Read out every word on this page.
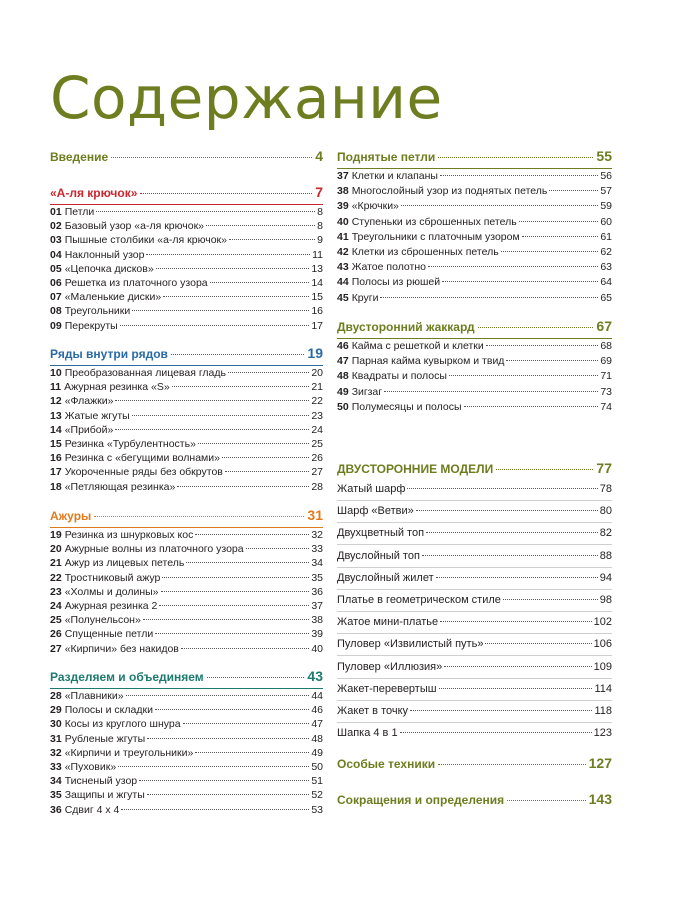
Содержание
Введение	4
«А-ля крючок»	7
01 Петли	8
02 Базовый узор «а-ля крючок»	8
03 Пышные столбики «а-ля крючок»	9
04 Наклонный узор	11
05 «Цепочка дисков»	13
06 Решетка из платочного узора	14
07 «Маленькие диски»	15
08 Треугольники	16
09 Перекруты	17
Ряды внутри рядов	19
10 Преобразованная лицевая гладь	20
11 Ажурная резинка «S»	21
12 «Флажки»	22
13 Жатые жгуты	23
14 «Прибой»	24
15 Резинка «Турбулентность»	25
16 Резинка с «бегущими волнами»	26
17 Укороченные ряды без обкрутов	27
18 «Петляющая резинка»	28
Ажуры	31
19 Резинка из шнурковых кос	32
20 Ажурные волны из платочного узора	33
21 Ажур из лицевых петель	34
22 Тростниковый ажур	35
23 «Холмы и долины»	36
24 Ажурная резинка 2	37
25 «Полунельсон»	38
26 Спущенные петли	39
27 «Кирпичи» без накидов	40
Разделяем и объединяем	43
28 «Плавники»	44
29 Полосы и складки	46
30 Косы из круглого шнура	47
31 Рубленые жгуты	48
32 «Кирпичи и треугольники»	49
33 «Пуховик»	50
34 Тисненый узор	51
35 Защипы и жгуты	52
36 Сдвиг 4 х 4	53
Поднятые петли	55
37 Клетки и клапаны	56
38 Многослойный узор из поднятых петель	57
39 «Крючки»	59
40 Ступеньки из сброшенных петель	60
41 Треугольники с платочным узором	61
42 Клетки из сброшенных петель	62
43 Жатое полотно	63
44 Полосы из рюшей	64
45 Круги	65
Двусторонний жаккард	67
46 Кайма с решеткой и клетки	68
47 Парная кайма кувырком и твид	69
48 Квадраты и полосы	71
49 Зигзаг	73
50 Полумесяцы и полосы	74
ДВУСТОРОННИЕ МОДЕЛИ	77
Жатый шарф	78
Шарф «Ветви»	80
Двухцветный топ	82
Двуслойный топ	88
Двуслойный жилет	94
Платье в геометрическом стиле	98
Жатое мини-платье	102
Пуловер «Извилистый путь»	106
Пуловер «Иллюзия»	109
Жакет-перевертыш	114
Жакет в точку	118
Шапка 4 в 1	123
Особые техники	127
Сокращения и определения	143
